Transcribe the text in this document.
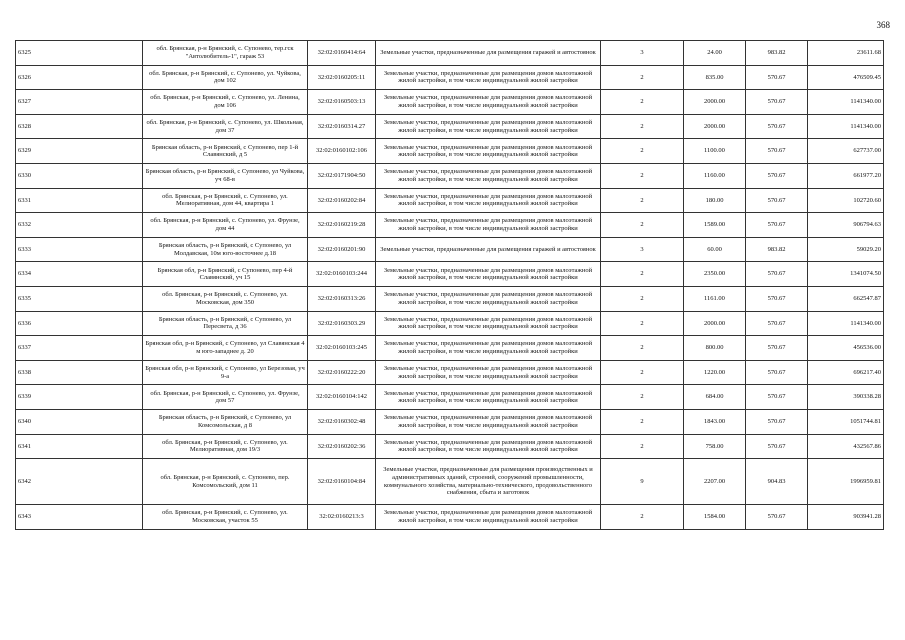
368
6325	обл. Брянская, р-н Брянский, с. Супонево, тер.гск "Автолюбитель-1", гараж 53	32:02:0160414:64	Земельные участки, предназначенные для размещения гаражей и автостоянок	3	24.00	983.82	23611.68
6326	обл. Брянская, р-н Брянский, с. Супонево, ул. Чуйкова, дом 102	32:02:0160205:11	Земельные участки, предназначенные для размещения домов малоэтажной жилой застройки, в том числе индивидуальной жилой застройки	2	835.00	570.67	476509.45
6327	обл. Брянская, р-н Брянский, с. Супонево, ул. Ленина, дом 106	32:02:0160503:13	Земельные участки, предназначенные для размещения домов малоэтажной жилой застройки, в том числе индивидуальной жилой застройки	2	2000.00	570.67	1141340.00
6328	обл. Брянская, р-н Брянский, с. Супонево, ул. Школьная, дом 37	32:02:0160314.27	Земельные участки, предназначенные для размещения домов малоэтажной жилой застройки, в том числе индивидуальной жилой застройки	2	2000.00	570.67	1141340.00
6329	Брянская область, р-н Брянский, с Супонево, пер 1-й Славянский, д 5	32:02:0160102:106	Земельные участки, предназначенные для размещения домов малоэтажной жилой застройки, в том числе индивидуальной жилой застройки	2	1100.00	570.67	627737.00
6330	Брянская область, р-н Брянский, с Супонево, ул Чуйкова, уч 68-в	32:02:0171904:50	Земельные участки, предназначенные для размещения домов малоэтажной жилой застройки, в том числе индивидуальной жилой застройки	2	1160.00	570.67	661977.20
6331	обл. Брянская, р-н Брянский, с. Супонево, ул. Мелиоративная, дом 44, квартира 1	32:02:0160202:84	Земельные участки, предназначенные для размещения домов малоэтажной жилой застройки, в том числе индивидуальной жилой застройки	2	180.00	570.67	102720.60
6332	обл. Брянская, р-н Брянский, с. Супонево, ул. Фрунзе, дом 44	32:02:0160219:28	Земельные участки, предназначенные для размещения домов малоэтажной жилой застройки, в том числе индивидуальной жилой застройки	2	1589.00	570.67	906794.63
6333	Брянская область, р-н Брянский, с Супонево, ул Молдавская, 10м юго-восточнее д.18	32:02:0160201:90	Земельные участки, предназначенные для размещения гаражей и автостоянок	3	60.00	983.82	59029.20
6334	Брянская обл, р-н Брянский, с Супонево, пер 4-й Славянский, уч 15	32:02:0160103:244	Земельные участки, предназначенные для размещения домов малоэтажной жилой застройки, в том числе индивидуальной жилой застройки	2	2350.00	570.67	1341074.50
6335	обл. Брянская, р-н Брянский, с. Супонево, ул. Московская, дом 350	32:02:0160313:26	Земельные участки, предназначенные для размещения домов малоэтажной жилой застройки, в том числе индивидуальной жилой застройки	2	1161.00	570.67	662547.87
6336	Брянская область, р-н Брянский, с Супонево, ул Пересвета, д 36	32:02:0160303.29	Земельные участки, предназначенные для размещения домов малоэтажной жилой застройки, в том числе индивидуальной жилой застройки	2	2000.00	570.67	1141340.00
6337	Брянская обл, р-н Брянский, с Супонево, ул Славянская 4 м юго-западнее д. 20	32:02:0160103:245	Земельные участки, предназначенные для размещения домов малоэтажной жилой застройки, в том числе индивидуальной жилой застройки	2	800.00	570.67	456536.00
6338	Брянская обл, р-н Брянский, с Супонево, ул Березовая, уч 9-а	32:02:0160222:20	Земельные участки, предназначенные для размещения домов малоэтажной жилой застройки, в том числе индивидуальной жилой застройки	2	1220.00	570.67	696217.40
6339	обл. Брянская, р-н Брянский, с. Супонево, ул. Фрунзе, дом 57	32:02:0160104:142	Земельные участки, предназначенные для размещения домов малоэтажной жилой застройки, в том числе индивидуальной жилой застройки	2	684.00	570.67	390338.28
6340	Брянская область, р-н Брянский, с Супонево, ул Комсомольская, д 8	32:02:0160302:48	Земельные участки, предназначенные для размещения домов малоэтажной жилой застройки, в том числе индивидуальной жилой застройки	2	1843.00	570.67	1051744.81
6341	обл. Брянская, р-н Брянский, с. Супонево, ул. Мелиоративная, дом 19/3	32:02:0160202:36	Земельные участки, предназначенные для размещения домов малоэтажной жилой застройки, в том числе индивидуальной жилой застройки	2	758.00	570.67	432567.86
6342	обл. Брянская, р-н Брянский, с. Супонево, пер. Комсомольский, дом 11	32:02:0160104:84	Земельные участки, предназначенные для размещения производственных и административных зданий, строений, сооружений промышленности, коммунального хозяйства, материально-технического, продовольственного снабжения, сбыта и заготовок	9	2207.00	904.83	1996959.81
6343	обл. Брянская, р-н Брянский, с. Супонево, ул. Московская, участок 55	32:02:0160213:3	Земельные участки, предназначенные для размещения домов малоэтажной жилой застройки, в том числе индивидуальной жилой застройки	2	1584.00	570.67	903941.28
